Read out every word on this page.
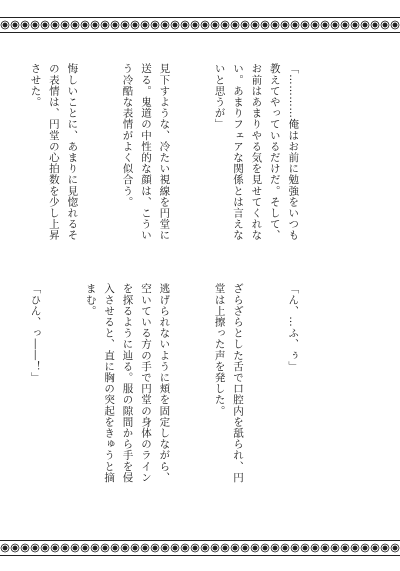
「…………俺はお前に勉強をいつも教えてやっているだけだ。そして、お前はあまりやる気を見せてくれない。あまりフェアな関係とは言えないと思うが」

見下すような、冷たい視線を円堂に送る。鬼道の中性的な顔は、こういう冷酷な表情がよく似合う。

悔しいことに、あまりに見惚れるその表情は、円堂の心拍数を少し上昇させた。

「ん、…ふ、ぅ」

ざらざらとした舌で口腔内を舐られ、円堂は上擦った声を発した。

逃げられないように頬を固定しながら、空いている方の手で円堂の身体のラインを探るように辿る。服の隙間から手を侵入させると、直に胸の突起をきゅうと摘まむ。

「ひん、っ――！」
